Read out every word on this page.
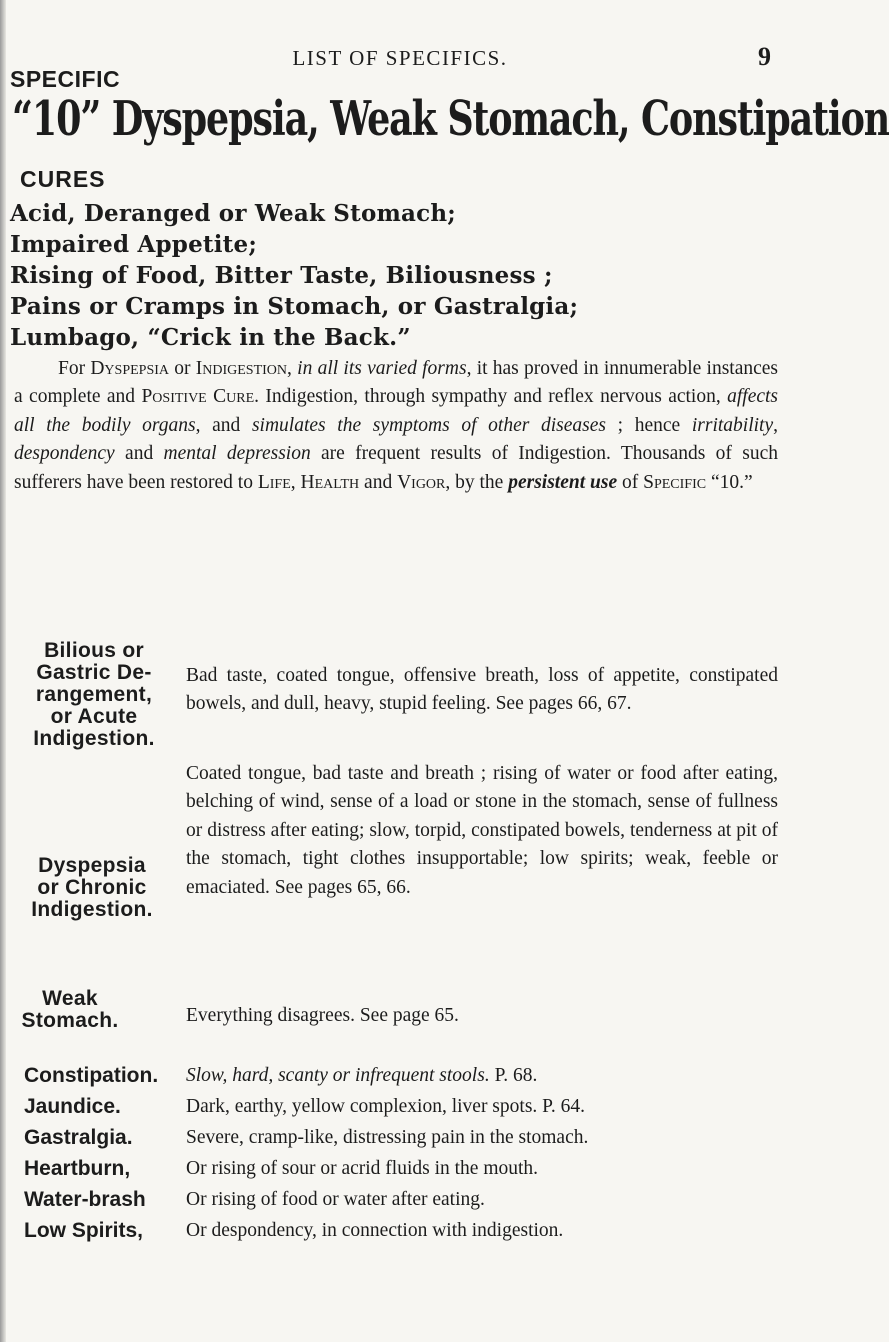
LIST OF SPECIFICS.	9
SPECIFIC
“10” Dyspepsia, Weak Stomach, Constipation
CURES
Acid, Deranged or Weak Stomach;
Impaired Appetite;
Rising of Food, Bitter Taste, Biliousness ;
Pains or Cramps in Stomach, or Gastralgia;
Lumbago, “Crick in the Back.”

For Dyspepsia or Indigestion, in all its varied forms, it has proved in innumerable instances a complete and Positive Cure. Indigestion, through sympathy and reflex nervous action, affects all the bodily organs, and simulates the symptoms of other diseases ; hence irritability, despondency and mental depression are frequent results of Indigestion. Thousands of such sufferers have been restored to Life, Health and Vigor, by the persistent use of Specific “10.”

Bilious or
Gastric De-
rangement,
or Acute
Indigestion.

Bad taste, coated tongue, offensive breath, loss of appetite, constipated bowels, and dull, heavy, stupid feeling. See pages 66, 67.

Dyspepsia
or Chronic
Indigestion.

Coated tongue, bad taste and breath ; rising of water or food after eating, belching of wind, sense of a load or stone in the stomach, sense of fullness or distress after eating; slow, torpid, constipated bowels, tenderness at pit of the stomach, tight clothes insupportable; low spirits; weak, feeble or emaciated. See pages 65, 66.

Weak
Stomach.	Everything disagrees. See page 65.

Constipation. Slow, hard, scanty or infrequent stools. P. 68.
Jaundice.	Dark, earthy, yellow complexion, liver spots. P. 64.
Gastralgia.	Severe, cramp-like, distressing pain in the stomach.
Heartburn,	Or rising of sour or acrid fluids in the mouth.
Water-brash Or rising of food or water after eating.
Low Spirits, Or despondency, in connection with indigestion.
